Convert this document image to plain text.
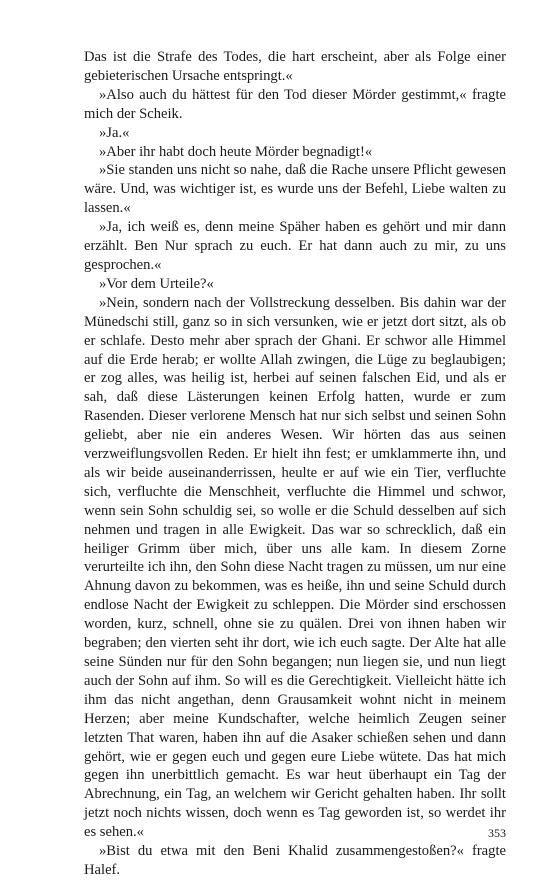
Das ist die Strafe des Todes, die hart erscheint, aber als Folge einer gebieterischen Ursache entspringt.«

»Also auch du hättest für den Tod dieser Mörder gestimmt,« fragte mich der Scheik.

»Ja.«

»Aber ihr habt doch heute Mörder begnadigt!«

»Sie standen uns nicht so nahe, daß die Rache unsere Pflicht gewesen wäre. Und, was wichtiger ist, es wurde uns der Befehl, Liebe walten zu lassen.«

»Ja, ich weiß es, denn meine Späher haben es gehört und mir dann erzählt. Ben Nur sprach zu euch. Er hat dann auch zu mir, zu uns gesprochen.«

»Vor dem Urteile?«

»Nein, sondern nach der Vollstreckung desselben. Bis dahin war der Münedschi still, ganz so in sich versunken, wie er jetzt dort sitzt, als ob er schlafe. Desto mehr aber sprach der Ghani. Er schwor alle Himmel auf die Erde herab; er wollte Allah zwingen, die Lüge zu beglaubigen; er zog alles, was heilig ist, herbei auf seinen falschen Eid, und als er sah, daß diese Lästerungen keinen Erfolg hatten, wurde er zum Rasenden. Dieser verlorene Mensch hat nur sich selbst und seinen Sohn geliebt, aber nie ein anderes Wesen. Wir hörten das aus seinen verzweiflungsvollen Reden. Er hielt ihn fest; er umklammerte ihn, und als wir beide auseinanderrissen, heulte er auf wie ein Tier, verfluchte sich, verfluchte die Menschheit, verfluchte die Himmel und schwor, wenn sein Sohn schuldig sei, so wolle er die Schuld desselben auf sich nehmen und tragen in alle Ewigkeit. Das war so schrecklich, daß ein heiliger Grimm über mich, über uns alle kam. In diesem Zorne verurteilte ich ihn, den Sohn diese Nacht tragen zu müssen, um nur eine Ahnung davon zu bekommen, was es heiße, ihn und seine Schuld durch endlose Nacht der Ewigkeit zu schleppen. Die Mörder sind erschossen worden, kurz, schnell, ohne sie zu quälen. Drei von ihnen haben wir begraben; den vierten seht ihr dort, wie ich euch sagte. Der Alte hat alle seine Sünden nur für den Sohn begangen; nun liegen sie, und nun liegt auch der Sohn auf ihm. So will es die Gerechtigkeit. Vielleicht hätte ich ihm das nicht angethan, denn Grausamkeit wohnt nicht in meinem Herzen; aber meine Kundschafter, welche heimlich Zeugen seiner letzten That waren, haben ihn auf die Asaker schießen sehen und dann gehört, wie er gegen euch und gegen eure Liebe wütete. Das hat mich gegen ihn unerbittlich gemacht. Es war heut überhaupt ein Tag der Abrechnung, ein Tag, an welchem wir Gericht gehalten haben. Ihr sollt jetzt noch nichts wissen, doch wenn es Tag geworden ist, so werdet ihr es sehen.«

»Bist du etwa mit den Beni Khalid zusammengestoßen?« fragte Halef.

353
